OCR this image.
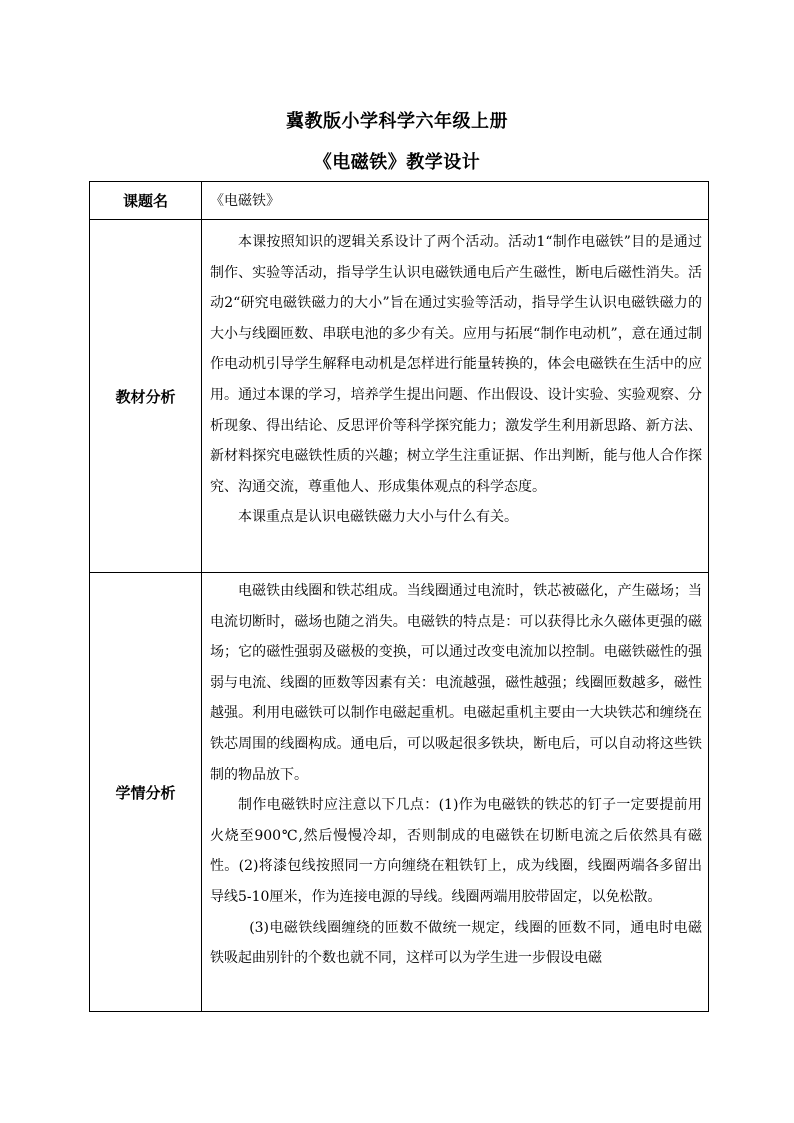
冀教版小学科学六年级上册
《电磁铁》教学设计
课题名	《电磁铁》
教材分析	本课按照知识的逻辑关系设计了两个活动。活动1“制作电磁铁”目的是通过制作、实验等活动，指导学生认识电磁铁通电后产生磁性，断电后磁性消失。活动2“研究电磁铁磁力的大小”旨在通过实验等活动，指导学生认识电磁铁磁力的大小与线圈匝数、串联电池的多少有关。应用与拓展“制作电动机”，意在通过制作电动机引导学生解释电动机是怎样进行能量转换的，体会电磁铁在生活中的应用。通过本课的学习，培养学生提出问题、作出假设、设计实验、实验观察、分析现象、得出结论、反思评价等科学探究能力；激发学生利用新思路、新方法、新材料探究电磁铁性质的兴趣；树立学生注重证据、作出判断，能与他人合作探究、沟通交流，尊重他人、形成集体观点的科学态度。

本课重点是认识电磁铁磁力大小与什么有关。

学情分析	电磁铁由线圈和铁芯组成。当线圈通过电流时，铁芯被磁化，产生磁场；当电流切断时，磁场也随之消失。电磁铁的特点是：可以获得比永久磁体更强的磁场；它的磁性强弱及磁极的变换，可以通过改变电流加以控制。电磁铁磁性的强弱与电流、线圈的匝数等因素有关：电流越强，磁性越强；线圈匝数越多，磁性越强。利用电磁铁可以制作电磁起重机。电磁起重机主要由一大块铁芯和缠绕在铁芯周围的线圈构成。通电后，可以吸起很多铁块，断电后，可以自动将这些铁制的物品放下。

制作电磁铁时应注意以下几点：(1)作为电磁铁的铁芯的钉子一定要提前用火烧至900℃,然后慢慢冷却，否则制成的电磁铁在切断电流之后依然具有磁性。(2)将漆包线按照同一方向缠绕在粗铁钉上，成为线圈，线圈两端各多留出导线5-10厘米，作为连接电源的导线。线圈两端用胶带固定，以免松散。

(3)电磁铁线圈缠绕的匝数不做统一规定，线圈的匝数不同，通电时电磁铁吸起曲别针的个数也就不同，这样可以为学生进一步假设电磁
